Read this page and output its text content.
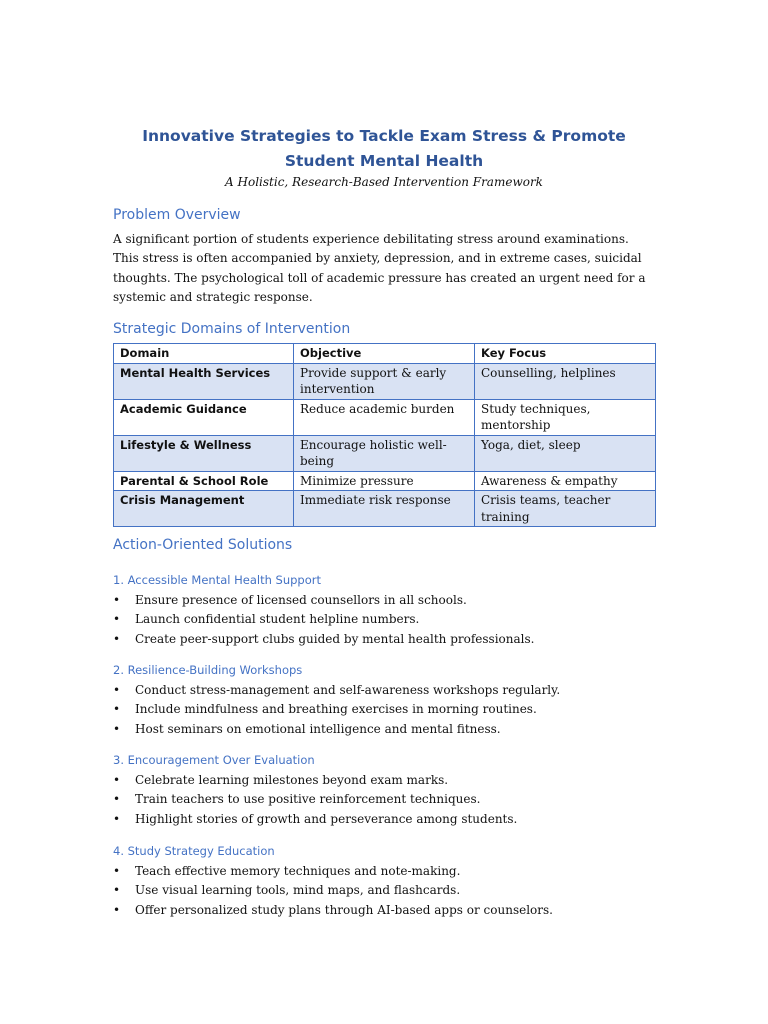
Innovative Strategies to Tackle Exam Stress & Promote Student Mental Health
A Holistic, Research-Based Intervention Framework
Problem Overview
A significant portion of students experience debilitating stress around examinations. This stress is often accompanied by anxiety, depression, and in extreme cases, suicidal thoughts. The psychological toll of academic pressure has created an urgent need for a systemic and strategic response.
Strategic Domains of Intervention
Domain	Objective	Key Focus
Mental Health Services	Provide support & early intervention	Counselling, helplines
Academic Guidance	Reduce academic burden	Study techniques, mentorship
Lifestyle & Wellness	Encourage holistic well-being	Yoga, diet, sleep
Parental & School Role	Minimize pressure	Awareness & empathy
Crisis Management	Immediate risk response	Crisis teams, teacher training
Action-Oriented Solutions
1. Accessible Mental Health Support
• Ensure presence of licensed counsellors in all schools.
• Launch confidential student helpline numbers.
• Create peer-support clubs guided by mental health professionals.
2. Resilience-Building Workshops
• Conduct stress-management and self-awareness workshops regularly.
• Include mindfulness and breathing exercises in morning routines.
• Host seminars on emotional intelligence and mental fitness.
3. Encouragement Over Evaluation
• Celebrate learning milestones beyond exam marks.
• Train teachers to use positive reinforcement techniques.
• Highlight stories of growth and perseverance among students.
4. Study Strategy Education
• Teach effective memory techniques and note-making.
• Use visual learning tools, mind maps, and flashcards.
• Offer personalized study plans through AI-based apps or counselors.
